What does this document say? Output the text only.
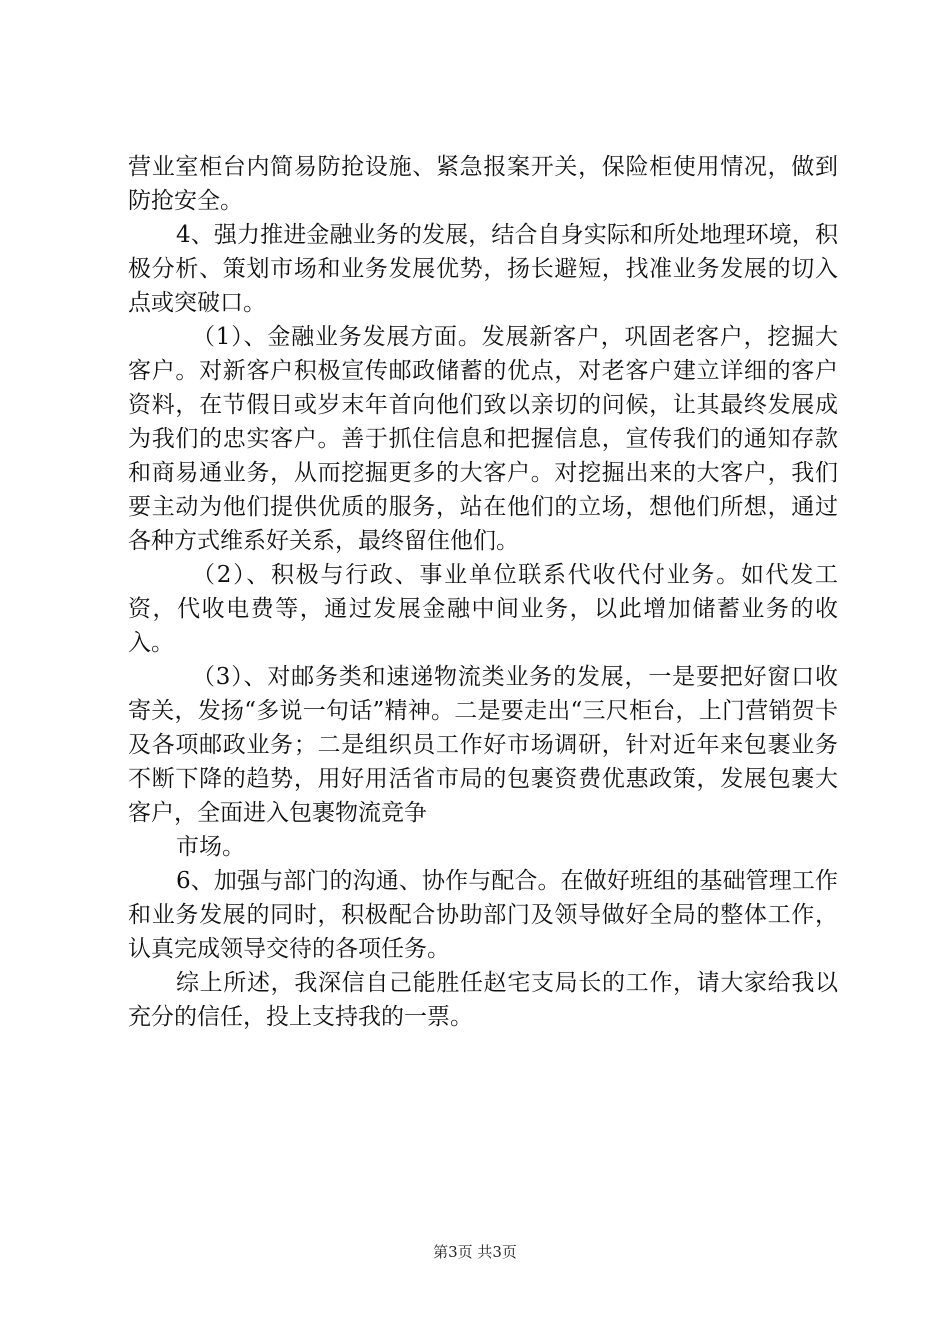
营业室柜台内简易防抢设施、紧急报案开关，保险柜使用情况，做到防抢安全。

4、强力推进金融业务的发展，结合自身实际和所处地理环境，积极分析、策划市场和业务发展优势，扬长避短，找准业务发展的切入点或突破口。

（1）、金融业务发展方面。发展新客户，巩固老客户，挖掘大客户。对新客户积极宣传邮政储蓄的优点，对老客户建立详细的客户资料，在节假日或岁末年首向他们致以亲切的问候，让其最终发展成为我们的忠实客户。善于抓住信息和把握信息，宣传我们的通知存款和商易通业务，从而挖掘更多的大客户。对挖掘出来的大客户，我们要主动为他们提供优质的服务，站在他们的立场，想他们所想，通过各种方式维系好关系，最终留住他们。

（2）、积极与行政、事业单位联系代收代付业务。如代发工资，代收电费等，通过发展金融中间业务，以此增加储蓄业务的收入。

（3）、对邮务类和速递物流类业务的发展，一是要把好窗口收寄关，发扬“多说一句话”精神。二是要走出“三尺柜台，上门营销贺卡及各项邮政业务；二是组织员工作好市场调研，针对近年来包裹业务不断下降的趋势，用好用活省市局的包裹资费优惠政策，发展包裹大客户，全面进入包裹物流竞争

市场。

6、加强与部门的沟通、协作与配合。在做好班组的基础管理工作和业务发展的同时，积极配合协助部门及领导做好全局的整体工作，认真完成领导交待的各项任务。

综上所述，我深信自己能胜任赵宅支局长的工作，请大家给我以充分的信任，投上支持我的一票。

第3页 共3页
